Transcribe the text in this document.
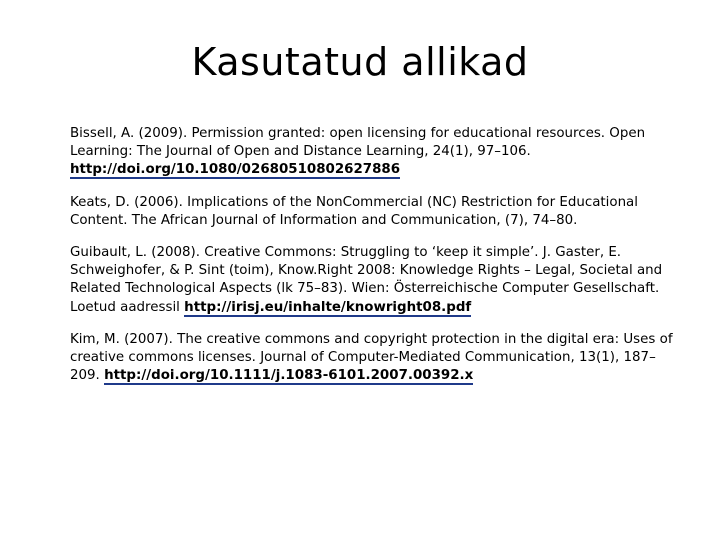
Kasutatud allikad

Bissell, A. (2009). Permission granted: open licensing for educational resources. Open Learning: The Journal of Open and Distance Learning, 24(1), 97–106. http://doi.org/10.1080/02680510802627886

Keats, D. (2006). Implications of the NonCommercial (NC) Restriction for Educational Content. The African Journal of Information and Communication, (7), 74–80.

Guibault, L. (2008). Creative Commons: Struggling to ‘keep it simple’. J. Gaster, E. Schweighofer, & P. Sint (toim), Know.Right 2008: Knowledge Rights – Legal, Societal and Related Technological Aspects (lk 75–83). Wien: Österreichische Computer Gesellschaft. Loetud aadressil http://irisj.eu/inhalte/knowright08.pdf

Kim, M. (2007). The creative commons and copyright protection in the digital era: Uses of creative commons licenses. Journal of Computer-Mediated Communication, 13(1), 187–209. http://doi.org/10.1111/j.1083-6101.2007.00392.x
